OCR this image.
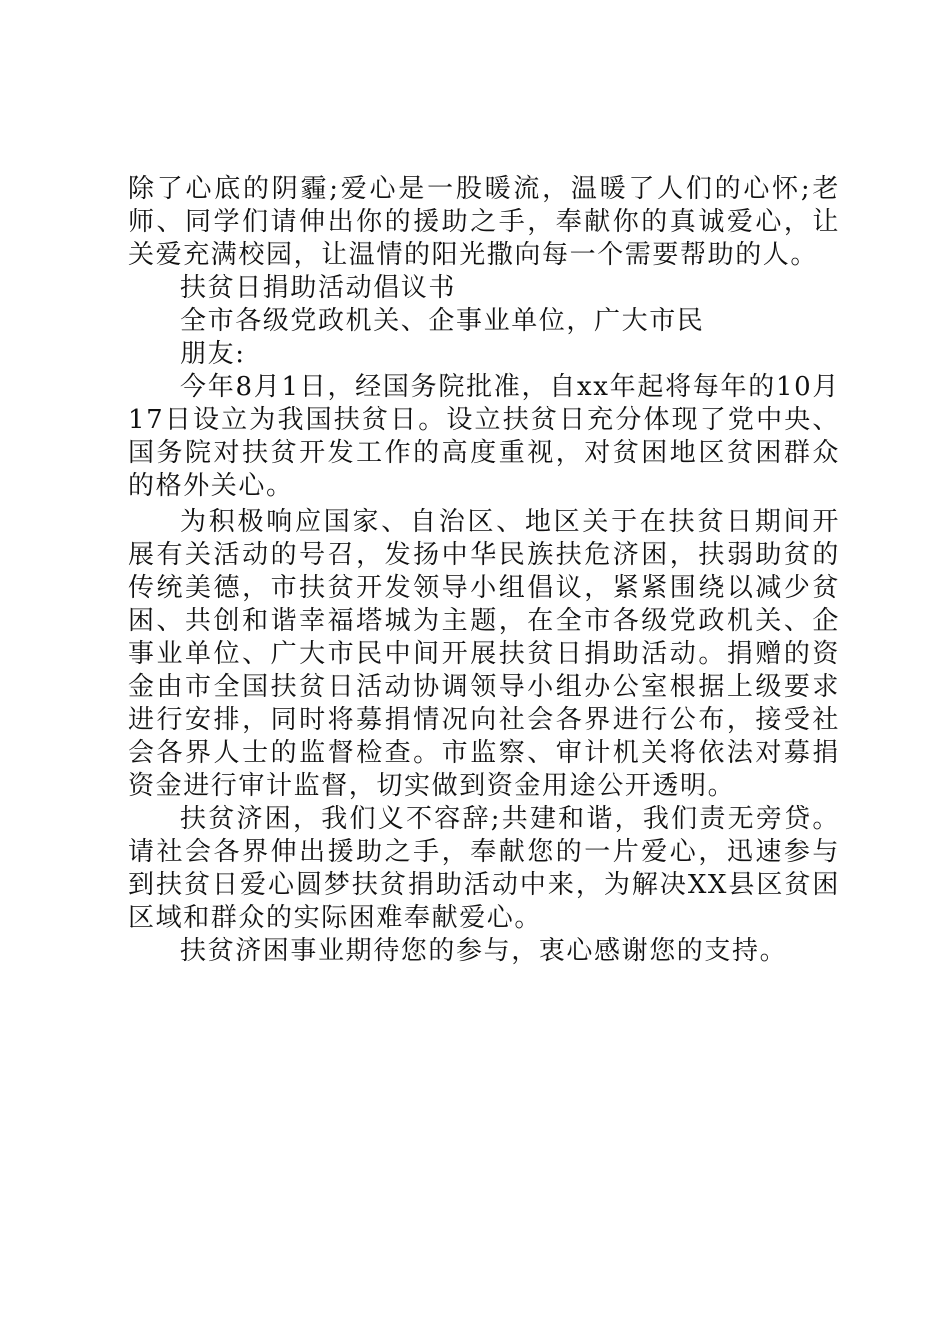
除了心底的阴霾;爱心是一股暖流，温暖了人们的心怀;老师、同学们请伸出你的援助之手，奉献你的真诚爱心，让关爱充满校园，让温情的阳光撒向每一个需要帮助的人。

扶贫日捐助活动倡议书

全市各级党政机关、企事业单位，广大市民

朋友:

今年8月1日，经国务院批准，自xx年起将每年的10月17日设立为我国扶贫日。设立扶贫日充分体现了党中央、国务院对扶贫开发工作的高度重视，对贫困地区贫困群众的格外关心。

为积极响应国家、自治区、地区关于在扶贫日期间开展有关活动的号召，发扬中华民族扶危济困，扶弱助贫的传统美德，市扶贫开发领导小组倡议，紧紧围绕以减少贫困、共创和谐幸福塔城为主题，在全市各级党政机关、企事业单位、广大市民中间开展扶贫日捐助活动。捐赠的资金由市全国扶贫日活动协调领导小组办公室根据上级要求进行安排，同时将募捐情况向社会各界进行公布，接受社会各界人士的监督检查。市监察、审计机关将依法对募捐资金进行审计监督，切实做到资金用途公开透明。

扶贫济困，我们义不容辞;共建和谐，我们责无旁贷。请社会各界伸出援助之手，奉献您的一片爱心，迅速参与到扶贫日爱心圆梦扶贫捐助活动中来，为解决XX县区贫困区域和群众的实际困难奉献爱心。

扶贫济困事业期待您的参与，衷心感谢您的支持。
